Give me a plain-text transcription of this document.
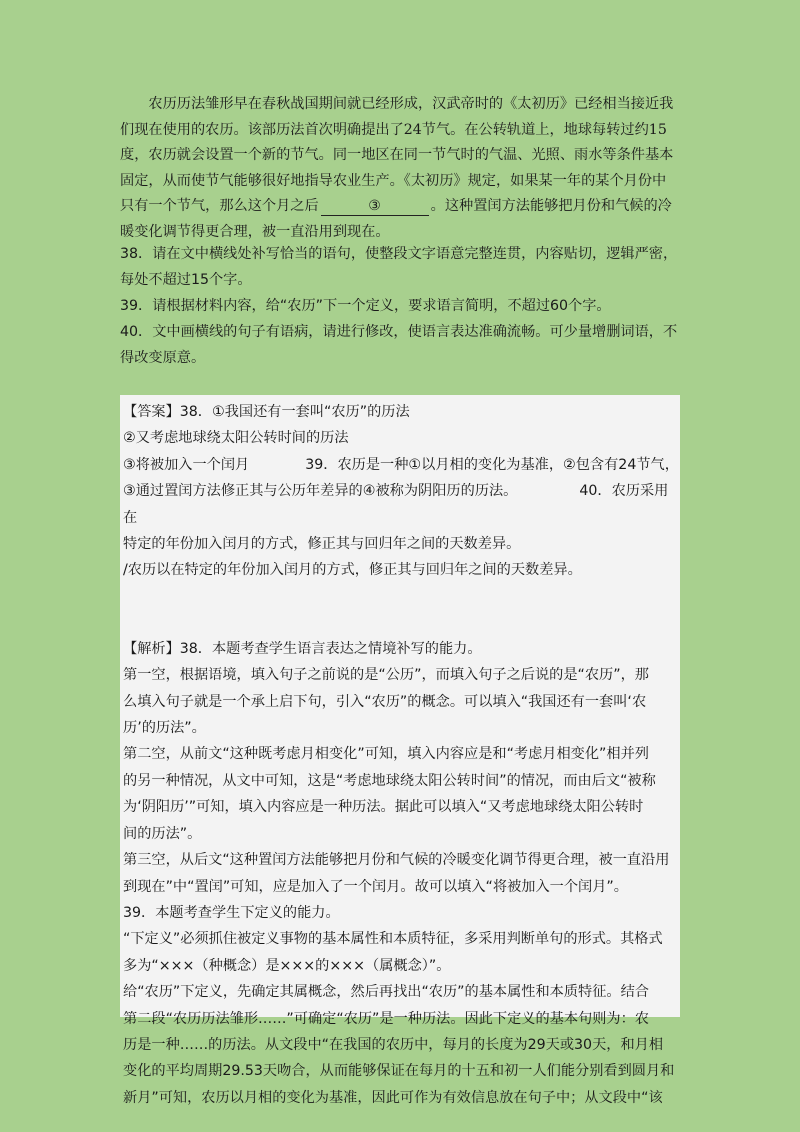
农历历法雏形早在春秋战国期间就已经形成，汉武帝时的《太初历》已经相当接近我

们现在使用的农历。该部历法首次明确提出了24节气。在公转轨道上，地球每转过约15
度，农历就会设置一个新的节气。同一地区在同一节气时的气温、光照、雨水等条件基本
固定，从而使节气能够很好地指导农业生产。《太初历》规定，如果某一年的某个月份中
只有一个节气，那么这个月之后	③	。这种置闰方法能够把月份和气候的冷
暖变化调节得更合理，被一直沿用到现在。
38．请在文中横线处补写恰当的语句，使整段文字语意完整连贯，内容贴切，逻辑严密，每处不超过15个字。
39．请根据材料内容，给“农历”下一个定义，要求语言简明，不超过60个字。
40．文中画横线的句子有语病，请进行修改，使语言表达准确流畅。可少量增删词语，不得改变原意。

【答案】38．①我国还有一套叫“农历”的历法

②又考虑地球绕太阳公转时间的历法

③将被加入一个闰月	39．农历是一种①以月相的变化为基准，②包含有24节气，

③通过置闰方法修正其与公历年差异的④被称为阴阳历的历法。	40．农历采用在

特定的年份加入闰月的方式，修正其与回归年之间的天数差异。

/农历以在特定的年份加入闰月的方式，修正其与回归年之间的天数差异。

【解析】38．本题考查学生语言表达之情境补写的能力。

第一空，根据语境，填入句子之前说的是“公历”，而填入句子之后说的是“农历”，那

么填入句子就是一个承上启下句，引入“农历”的概念。可以填入“我国还有一套叫‘农

历’的历法”。

第二空，从前文“这种既考虑月相变化”可知，填入内容应是和“考虑月相变化”相并列

的另一种情况，从文中可知，这是“考虑地球绕太阳公转时间”的情况，而由后文“被称

为‘阴阳历’”可知，填入内容应是一种历法。据此可以填入“又考虑地球绕太阳公转时

间的历法”。

第三空，从后文“这种置闰方法能够把月份和气候的冷暖变化调节得更合理，被一直沿用

到现在”中“置闰”可知，应是加入了一个闰月。故可以填入“将被加入一个闰月”。

39．本题考查学生下定义的能力。

“下定义”必须抓住被定义事物的基本属性和本质特征，多采用判断单句的形式。其格式

多为“×××（种概念）是×××的×××（属概念）”。

给“农历”下定义，先确定其属概念，然后再找出“农历”的基本属性和本质特征。结合

第二段“农历历法雏形……”可确定“农历”是一种历法。因此下定义的基本句则为：农

历是一种……的历法。从文段中“在我国的农历中，每月的长度为29天或30天，和月相

变化的平均周期29.53天吻合，从而能够保证在每月的十五和初一人们能分别看到圆月和

新月”可知，农历以月相的变化为基准，因此可作为有效信息放在句子中；从文段中“该
